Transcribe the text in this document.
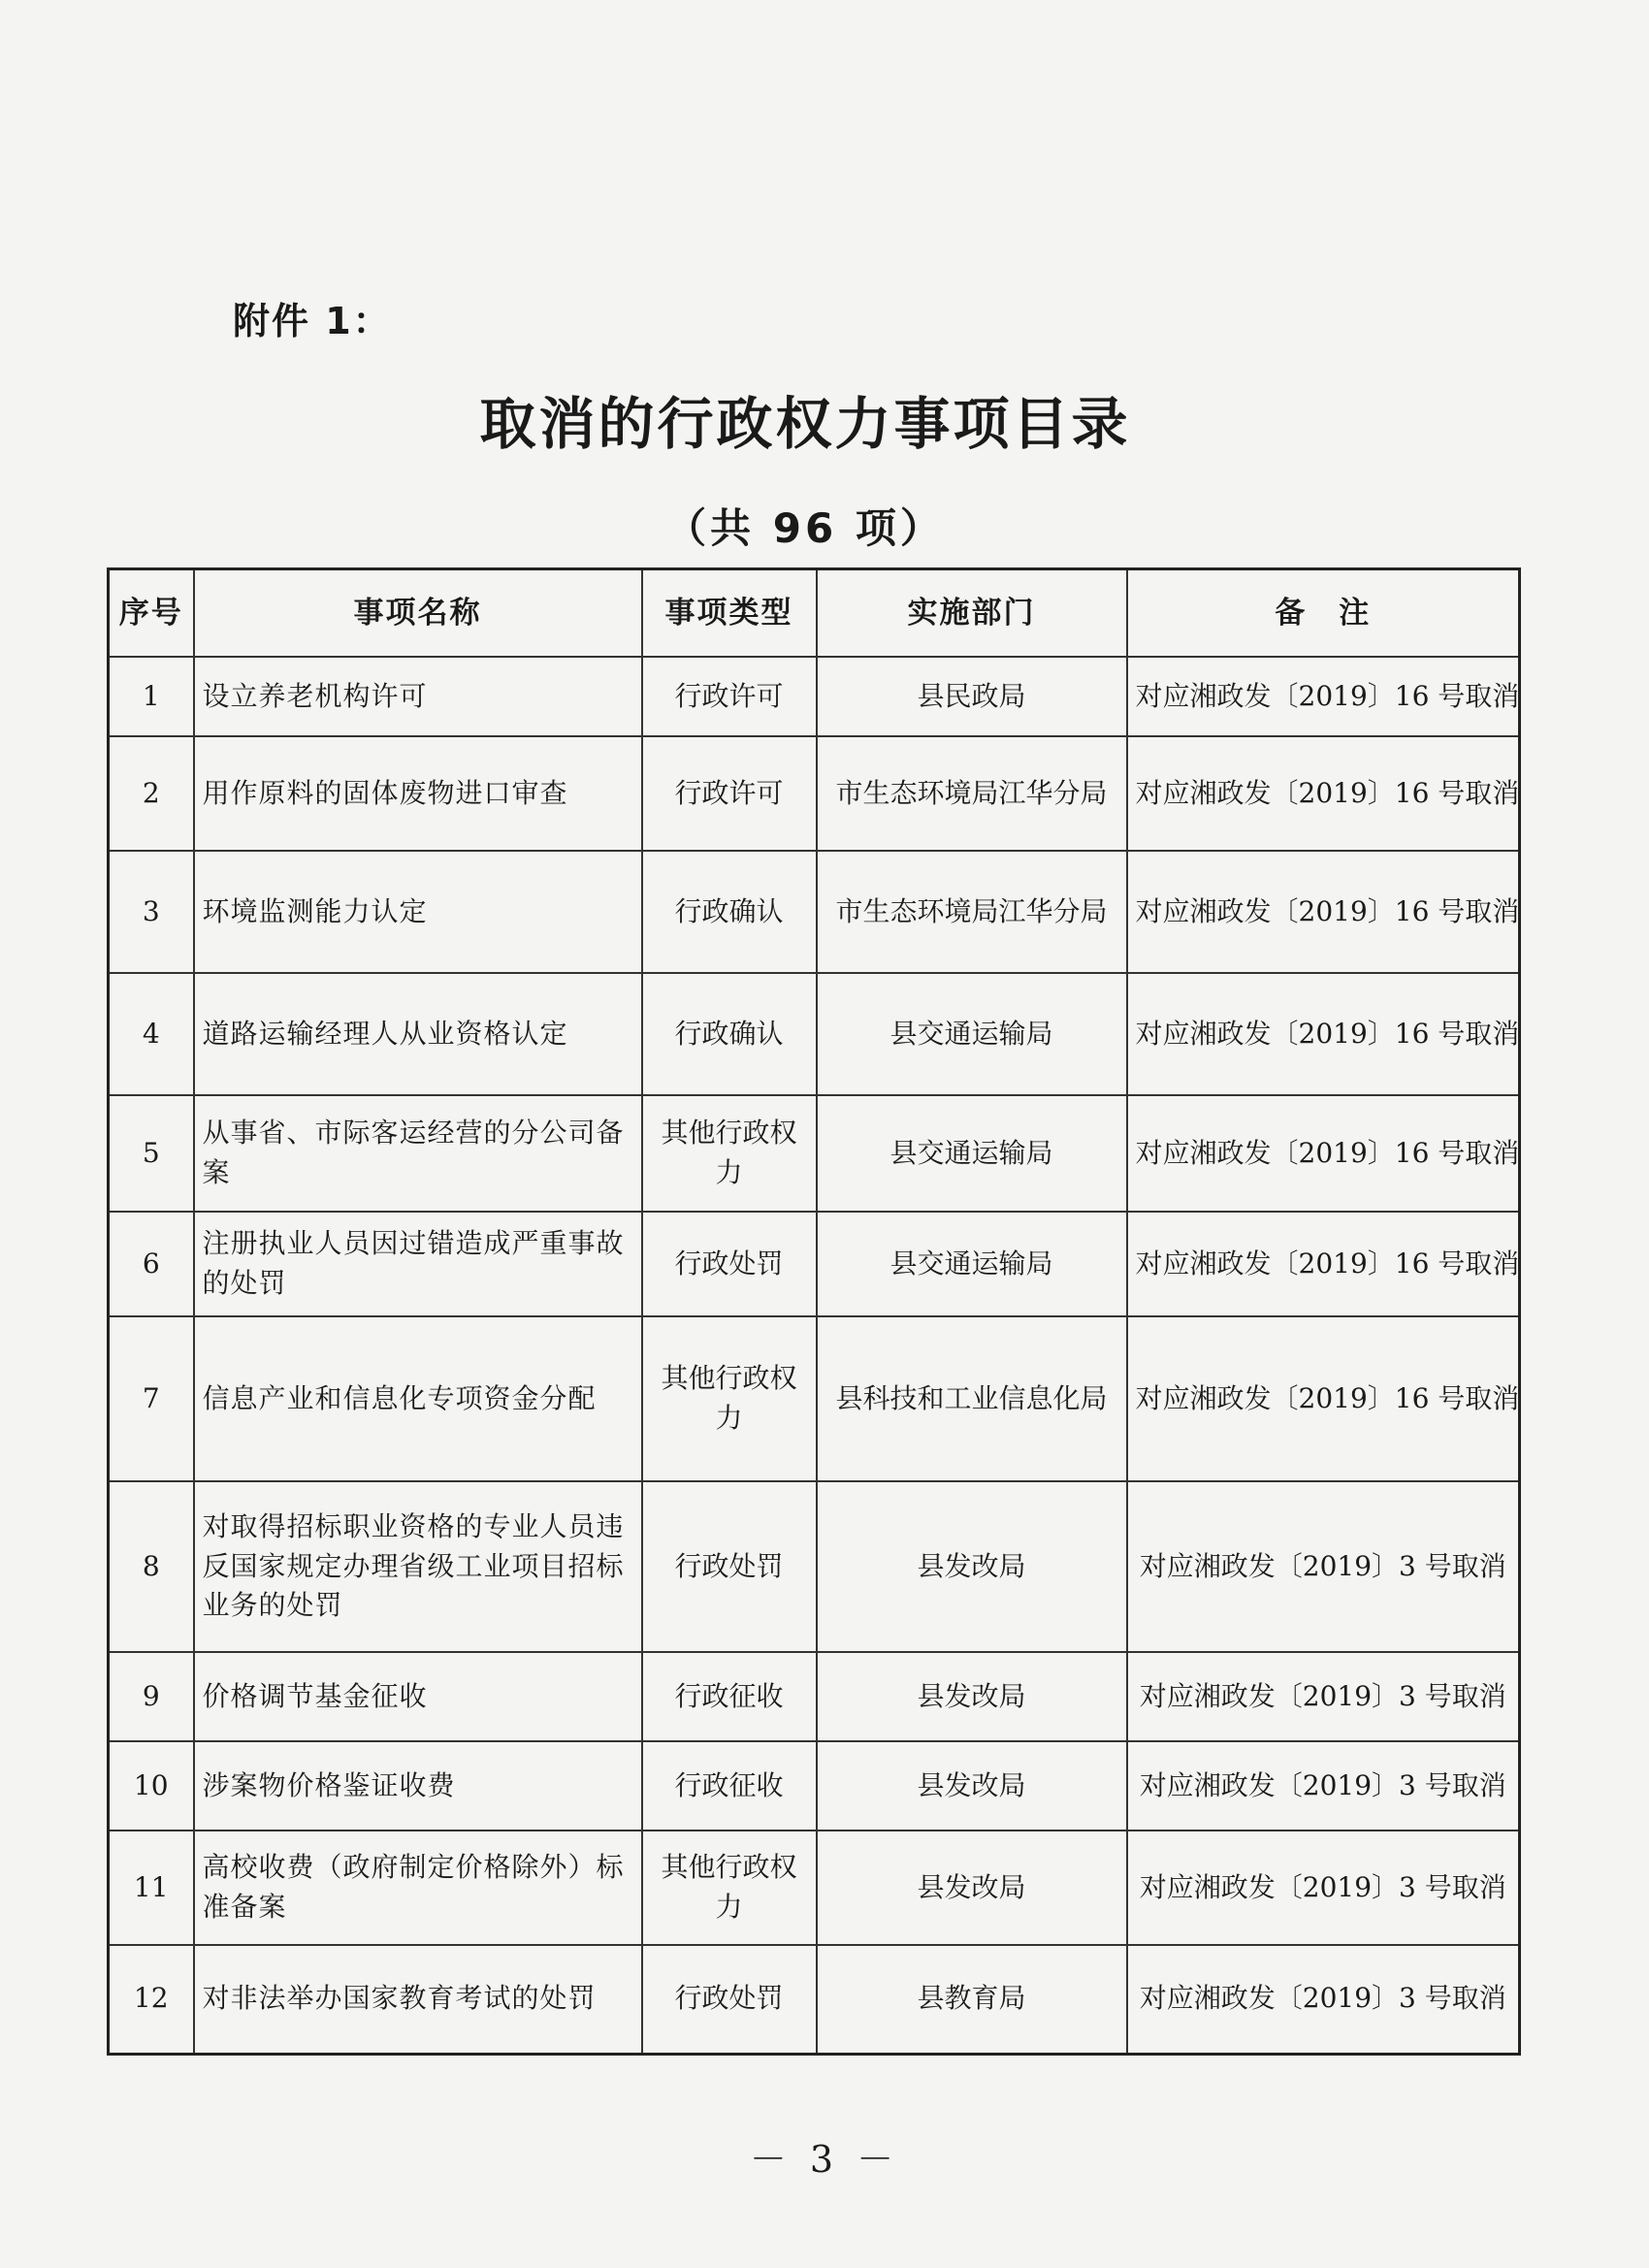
附件 1：
取消的行政权力事项目录
（共 96 项）
序号	事项名称	事项类型	实施部门	备　注
1	设立养老机构许可	行政许可	县民政局	对应湘政发〔2019〕16 号取消
2	用作原料的固体废物进口审查	行政许可	市生态环境局江华分局	对应湘政发〔2019〕16 号取消
3	环境监测能力认定	行政确认	市生态环境局江华分局	对应湘政发〔2019〕16 号取消
4	道路运输经理人从业资格认定	行政确认	县交通运输局	对应湘政发〔2019〕16 号取消
5	从事省、市际客运经营的分公司备案	其他行政权力	县交通运输局	对应湘政发〔2019〕16 号取消
6	注册执业人员因过错造成严重事故的处罚	行政处罚	县交通运输局	对应湘政发〔2019〕16 号取消
7	信息产业和信息化专项资金分配	其他行政权力	县科技和工业信息化局	对应湘政发〔2019〕16 号取消
8	对取得招标职业资格的专业人员违反国家规定办理省级工业项目招标业务的处罚	行政处罚	县发改局	对应湘政发〔2019〕3 号取消
9	价格调节基金征收	行政征收	县发改局	对应湘政发〔2019〕3 号取消
10	涉案物价格鉴证收费	行政征收	县发改局	对应湘政发〔2019〕3 号取消
11	高校收费（政府制定价格除外）标准备案	其他行政权力	县发改局	对应湘政发〔2019〕3 号取消
12	对非法举办国家教育考试的处罚	行政处罚	县教育局	对应湘政发〔2019〕3 号取消
－ 3 －
